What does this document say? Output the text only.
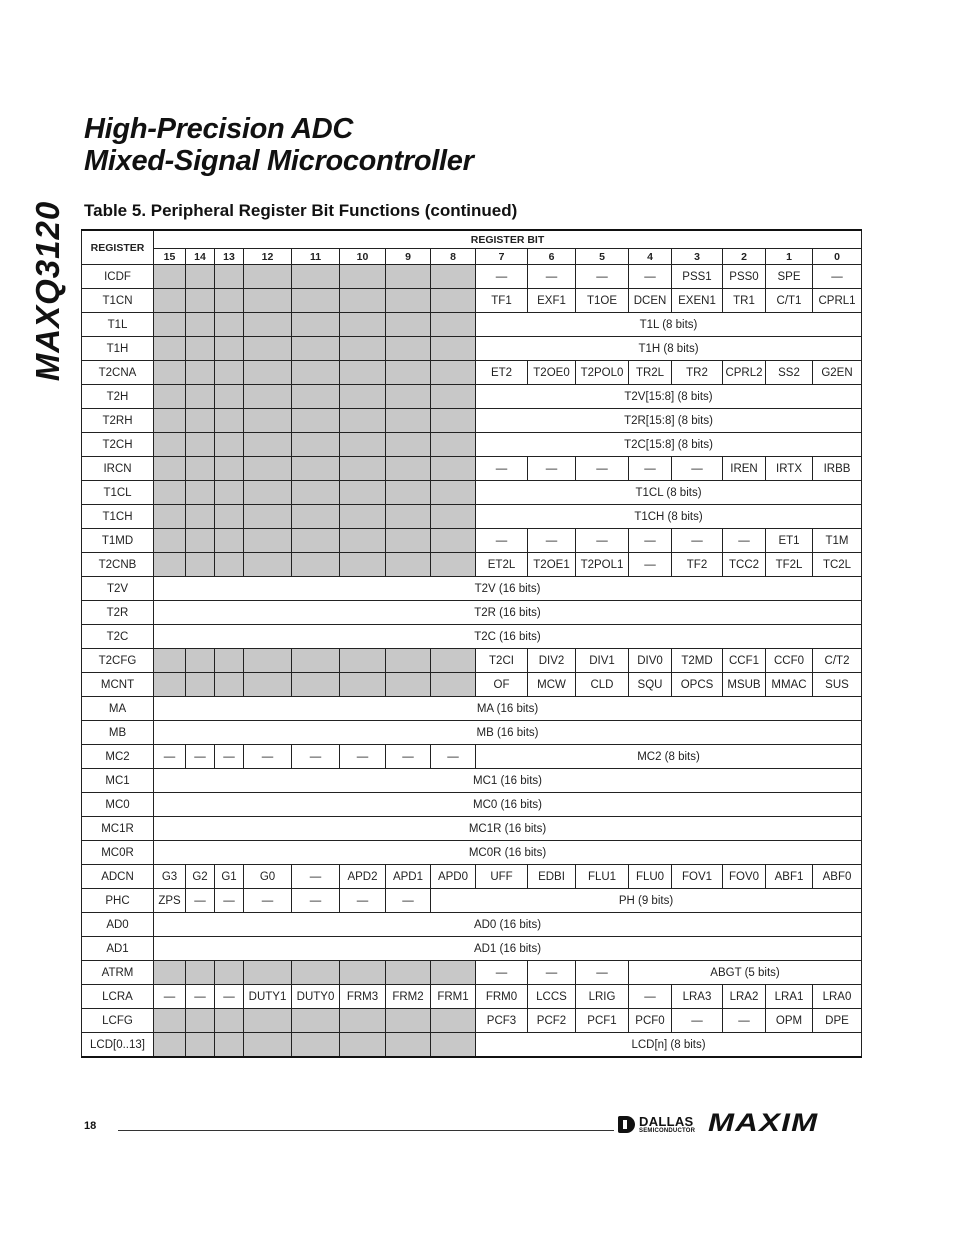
MAXQ3120
High-Precision ADC
Mixed-Signal Microcontroller
Table 5. Peripheral Register Bit Functions (continued)
REGISTER	REGISTER BIT															
	15	14	13	12	11	10	9	8	7	6	5	4	3	2	1	0
ICDF									—	—	—	—	PSS1	PSS0	SPE	—
T1CN									TF1	EXF1	T1OE	DCEN	EXEN1	TR1	C/T1	CPRL1
T1L									T1L (8 bits)							
T1H									T1H (8 bits)							
T2CNA									ET2	T2OE0	T2POL0	TR2L	TR2	CPRL2	SS2	G2EN
T2H									T2V[15:8] (8 bits)							
T2RH									T2R[15:8] (8 bits)							
T2CH									T2C[15:8] (8 bits)							
IRCN									—	—	—	—	—	IREN	IRTX	IRBB
T1CL									T1CL (8 bits)							
T1CH									T1CH (8 bits)							
T1MD									—	—	—	—	—	—	ET1	T1M
T2CNB									ET2L	T2OE1	T2POL1	—	TF2	TCC2	TF2L	TC2L
T2V	T2V (16 bits)															
T2R	T2R (16 bits)															
T2C	T2C (16 bits)															
T2CFG									T2CI	DIV2	DIV1	DIV0	T2MD	CCF1	CCF0	C/T2
MCNT									OF	MCW	CLD	SQU	OPCS	MSUB	MMAC	SUS
MA	MA (16 bits)															
MB	MB (16 bits)															
MC2	—	—	—	—	—	—	—	—	MC2 (8 bits)							
MC1	MC1 (16 bits)															
MC0	MC0 (16 bits)															
MC1R	MC1R (16 bits)															
MC0R	MC0R (16 bits)															
ADCN	G3	G2	G1	G0	—	APD2	APD1	APD0	UFF	EDBI	FLU1	FLU0	FOV1	FOV0	ABF1	ABF0
PHC	ZPS	—	—	—	—	—	—	PH (9 bits)								
AD0	AD0 (16 bits)															
AD1	AD1 (16 bits)															
ATRM									—	—	—	ABGT (5 bits)				
LCRA	—	—	—	DUTY1	DUTY0	FRM3	FRM2	FRM1	FRM0	LCCS	LRIG	—	LRA3	LRA2	LRA1	LRA0
LCFG									PCF3	PCF2	PCF1	PCF0	—	—	OPM	DPE
LCD[0..13]									LCD[n] (8 bits)							
18	DALLAS
SEMICONDUCTOR MAXIM
